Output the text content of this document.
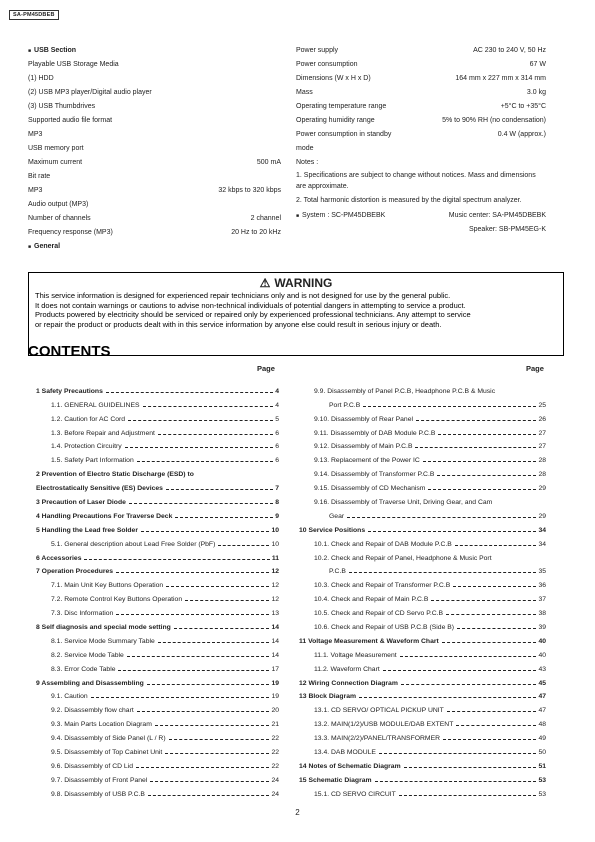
SA-PM45DBEB
■ USB Section
Playable USB Storage Media
(1) HDD
(2) USB MP3 player/Digital audio player
(3) USB Thumbdrives
Supported audio file format
MP3
USB memory port
Maximum current	500 mA
Bit rate
MP3	32 kbps to 320 kbps
Audio output (MP3)
Number of channels	2 channel
Frequency response (MP3)	20 Hz to 20 kHz
■ General
Power supply	AC 230 to 240 V, 50 Hz
Power consumption	67 W
Dimensions (W x H x D)	164 mm x 227 mm x 314 mm
Mass	3.0 kg
Operating temperature range	+5°C to +35°C
Operating humidity range	5% to 90% RH (no condensation)
Power consumption in standby	0.4 W (approx.)
mode
Notes :
1. Specifications are subject to change without notices. Mass and dimensions are approximate.
2. Total harmonic distortion is measured by the digital spectrum analyzer.
■ System : SC-PM45DBEBK	Music center: SA-PM45DBEBK
Speaker: SB-PM45EG-K
⚠ WARNING
This service information is designed for experienced repair technicians only and is not designed for use by the general public.
It does not contain warnings or cautions to advise non-technical individuals of potential dangers in attempting to service a product.
Products powered by electricity should be serviced or repaired only by experienced professional technicians. Any attempt to service
or repair the product or products dealt with in this service information by anyone else could result in serious injury or death.
CONTENTS
Page	Page
1 Safety Precautions	4
1.1. GENERAL GUIDELINES	4
1.2. Caution for AC Cord	5
1.3. Before Repair and Adjustment	6
1.4. Protection Circuitry	6
1.5. Safety Part Information	6
2 Prevention of Electro Static Discharge (ESD) to
Electrostatically Sensitive (ES) Devices	7
3 Precaution of Laser Diode	8
4 Handling Precautions For Traverse Deck	9
5 Handling the Lead free Solder	10
5.1. General description about Lead Free Solder (PbF)	10
6 Accessories	11
7 Operation Procedures	12
7.1. Main Unit Key Buttons Operation	12
7.2. Remote Control Key Buttons Operation	12
7.3. Disc Information	13
8 Self diagnosis and special mode setting	14
8.1. Service Mode Summary Table	14
8.2. Service Mode Table	14
8.3. Error Code Table	17
9 Assembling and Disassembling	19
9.1. Caution	19
9.2. Disassembly flow chart	20
9.3. Main Parts Location Diagram	21
9.4. Disassembly of Side Panel (L / R)	22
9.5. Disassembly of Top Cabinet Unit	22
9.6. Disassembly of CD Lid	22
9.7. Disassembly of Front Panel	24
9.8. Disassembly of USB P.C.B	24
9.9. Disassembly of Panel P.C.B, Headphone P.C.B & Music
Port P.C.B	25
9.10. Disassembly of Rear Panel	26
9.11. Disassembly of DAB Module P.C.B	27
9.12. Disassembly of Main P.C.B	27
9.13. Replacement of the Power IC	28
9.14. Disassembly of Transformer P.C.B	28
9.15. Disassembly of CD Mechanism	29
9.16. Disassembly of Traverse Unit, Driving Gear, and Cam
Gear	29
10 Service Positions	34
10.1. Check and Repair of DAB Module P.C.B	34
10.2. Check and Repair of Panel, Headphone & Music Port
P.C.B	35
10.3. Check and Repair of Transformer P.C.B	36
10.4. Check and Repair of Main P.C.B	37
10.5. Check and Repair of CD Servo P.C.B	38
10.6. Check and Repair of USB P.C.B (Side B)	39
11 Voltage Measurement & Waveform Chart	40
11.1. Voltage Measurement	40
11.2. Waveform Chart	43
12 Wiring Connection Diagram	45
13 Block Diagram	47
13.1. CD SERVO/ OPTICAL PICKUP UNIT	47
13.2. MAIN(1/2)/USB MODULE/DAB EXTENT	48
13.3. MAIN(2/2)/PANEL/TRANSFORMER	49
13.4. DAB MODULE	50
14 Notes of Schematic Diagram	51
15 Schematic Diagram	53
15.1. CD SERVO CIRCUIT	53
2
